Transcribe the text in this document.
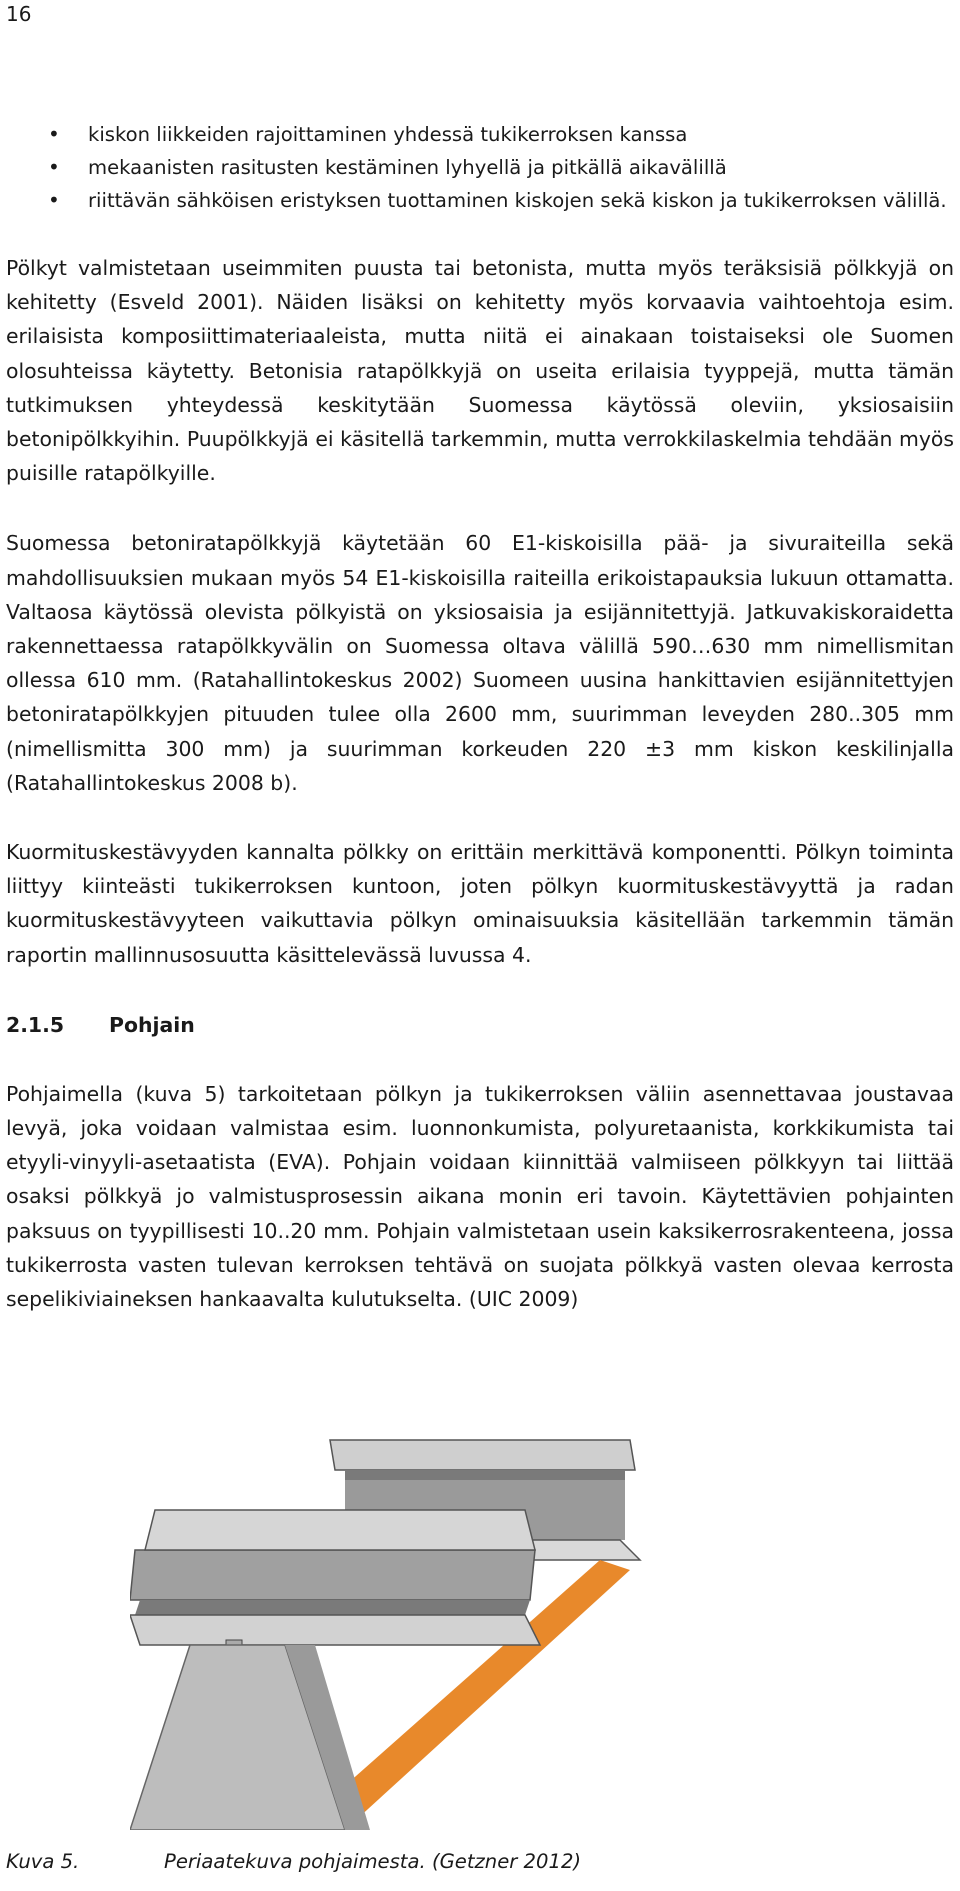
16
• kiskon liikkeiden rajoittaminen yhdessä tukikerroksen kanssa
• mekaanisten rasitusten kestäminen lyhyellä ja pitkällä aikavälillä
• riittävän sähköisen eristyksen tuottaminen kiskojen sekä kiskon ja tukikerroksen välillä.

Pölkyt valmistetaan useimmiten puusta tai betonista, mutta myös teräksisiä pölkkyjä on kehitetty (Esveld 2001). Näiden lisäksi on kehitetty myös korvaavia vaihtoehtoja esim. erilaisista komposiittimateriaaleista, mutta niitä ei ainakaan toistaiseksi ole Suomen olosuhteissa käytetty. Betonisia ratapölkkyjä on useita erilaisia tyyppejä, mutta tämän tutkimuksen yhteydessä keskitytään Suomessa käytössä oleviin, yksiosaisiin betonipölkkyihin. Puupölkkyjä ei käsitellä tarkemmin, mutta verrokkilaskelmia tehdään myös puisille ratapölkyille.

Suomessa betoniratapölkkyjä käytetään 60 E1-kiskoisilla pää- ja sivuraiteilla sekä mahdollisuuksien mukaan myös 54 E1-kiskoisilla raiteilla erikoistapauksia lukuun ottamatta. Valtaosa käytössä olevista pölkyistä on yksiosaisia ja esijännitettyjä. Jatkuvakiskoraidetta rakennettaessa ratapölkkyvälin on Suomessa oltava välillä 590…630 mm nimellismitan ollessa 610 mm. (Ratahallintokeskus 2002) Suomeen uusina hankittavien esijännitettyjen betoniratapölkkyjen pituuden tulee olla 2600 mm, suurimman leveyden 280..305 mm (nimellismitta 300 mm) ja suurimman korkeuden 220 ±3 mm kiskon keskilinjalla (Ratahallintokeskus 2008 b).

Kuormituskestävyyden kannalta pölkky on erittäin merkittävä komponentti. Pölkyn toiminta liittyy kiinteästi tukikerroksen kuntoon, joten pölkyn kuormituskestävyyttä ja radan kuormituskestävyyteen vaikuttavia pölkyn ominaisuuksia käsitellään tarkemmin tämän raportin mallinnusosuutta käsittelevässä luvussa 4.

2.1.5	Pohjain

Pohjaimella (kuva 5) tarkoitetaan pölkyn ja tukikerroksen väliin asennettavaa joustavaa levyä, joka voidaan valmistaa esim. luonnonkumista, polyuretaanista, korkkikumista tai etyyli-vinyyli-asetaatista (EVA). Pohjain voidaan kiinnittää valmiiseen pölkkyyn tai liittää osaksi pölkkyä jo valmistusprosessin aikana monin eri tavoin. Käytettävien pohjainten paksuus on tyypillisesti 10..20 mm. Pohjain valmistetaan usein kaksikerrosrakenteena, jossa tukikerrosta vasten tulevan kerroksen tehtävä on suojata pölkkyä vasten olevaa kerrosta sepelikiviaineksen hankaavalta kulutukselta. (UIC 2009)

Kuva 5.	Periaatekuva pohjaimesta. (Getzner 2012)
